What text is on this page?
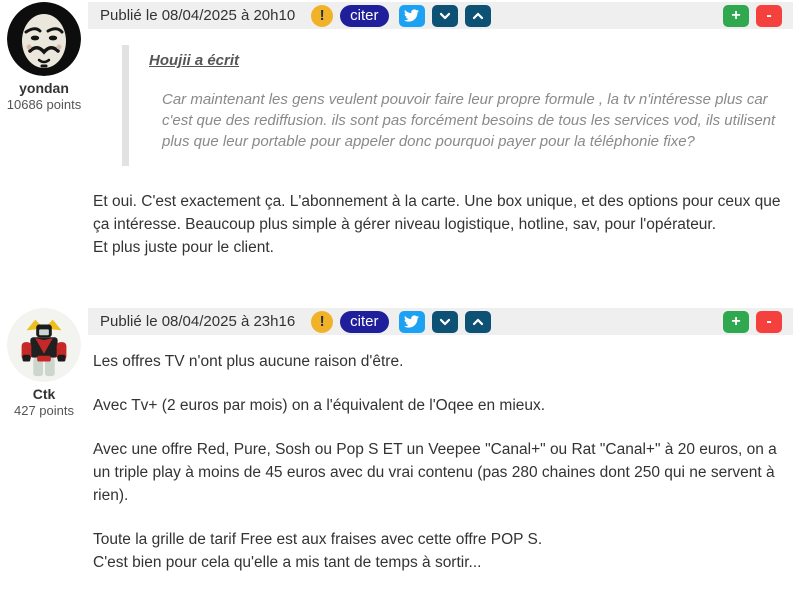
yondan
10686 points
Publié le 08/04/2025 à 20h10	!	citer	+	-
Houjii a écrit
Car maintenant les gens veulent pouvoir faire leur propre formule , la tv n'intéresse plus car c'est que des rediffusion. ils sont pas forcément besoins de tous les services vod, ils utilisent plus que leur portable pour appeler donc pourquoi payer pour la téléphonie fixe?

Et oui. C'est exactement ça. L'abonnement à la carte. Une box unique, et des options pour ceux que ça intéresse. Beaucoup plus simple à gérer niveau logistique, hotline, sav, pour l'opérateur.
Et plus juste pour le client.

Ctk
427 points
Publié le 08/04/2025 à 23h16	!	citer	+	-

Les offres TV n'ont plus aucune raison d'être.

Avec Tv+ (2 euros par mois) on a l'équivalent de l'Oqee en mieux.

Avec une offre Red, Pure, Sosh ou Pop S ET un Veepee "Canal+" ou Rat "Canal+" à 20 euros, on a un triple play à moins de 45 euros avec du vrai contenu (pas 280 chaines dont 250 qui ne servent à rien).

Toute la grille de tarif Free est aux fraises avec cette offre POP S.
C'est bien pour cela qu'elle a mis tant de temps à sortir...
